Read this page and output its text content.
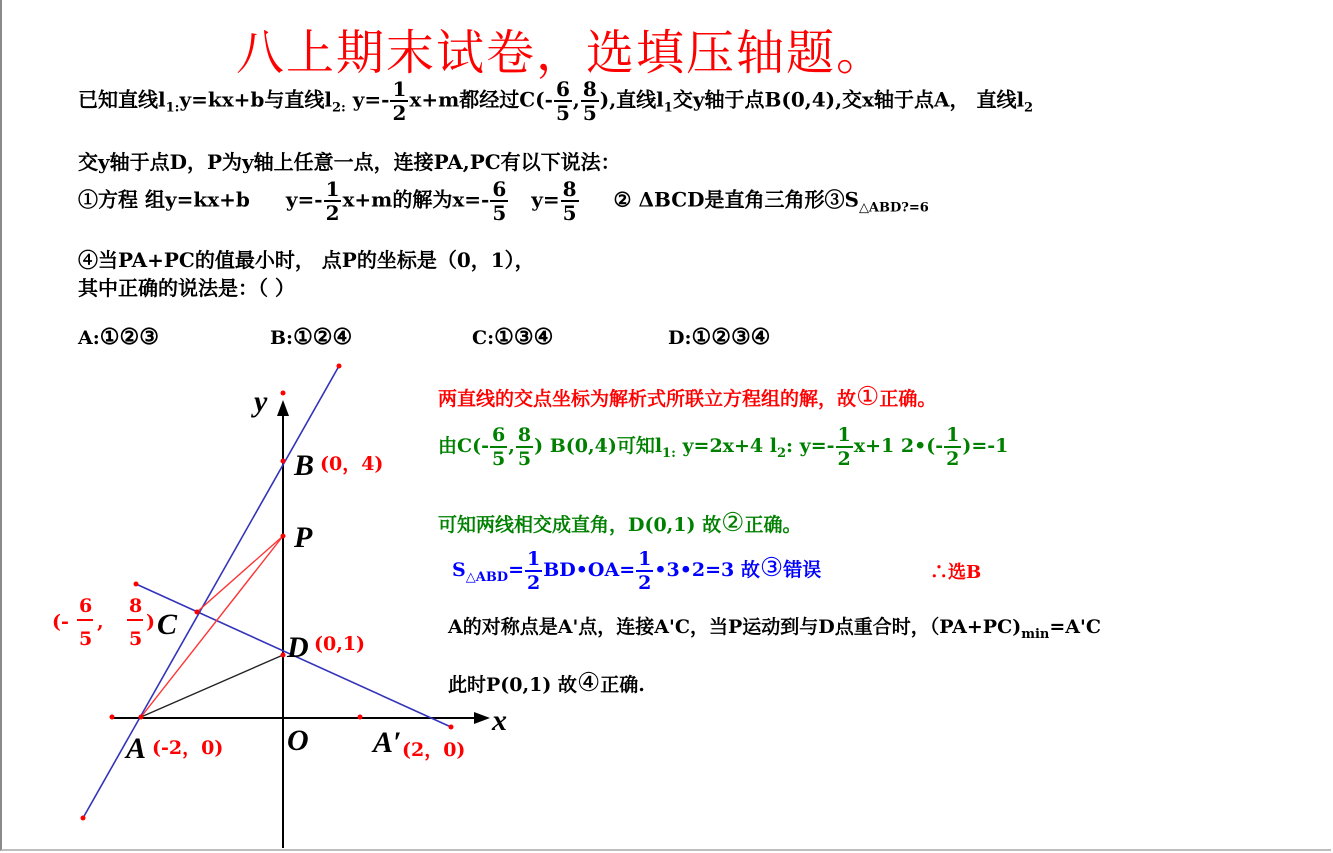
八上期末试卷，选填压轴题。
已知直线$l_{1:}y=kx+b$与直线$l_{2:}$ $y=- \frac{1}{2} x+m$都经过$C(- \frac{6}{5}$ , $\frac{8}{5}$ ),直线$l_1$交y轴于点B(0,4),交x轴于点A， 直线$l_2$
交y轴于点D，P为y轴上任意一点，连接PA,PC有以下说法：
①方程 组y=kx+b $y=- \frac{1}{2} x+m$的解为$x=- \frac{6}{5} y= \frac{8}{5}$ ② ΔBCD是直角三角形$③S_{\triangle ABD?=6}$
④当PA+PC的值最小时， 点P的坐标是（0，1），
其中正确的说法是：（ ）
A:①②③	B:①②④	C:①③④	D:①②③④
y
x
B (0，4)
P
C
(-
6
5
,
8
5
)
D (0,1)
A (-2，0) O A′ (2，0)
两直线的交点坐标为解析式所联立方程组的解，故①正确。
由$C(- \frac{6}{5}$ , $\frac{8}{5}$ ) B(0,4)可知$l_{1:}$ y=2x+4 $l_2$: $y=- \frac{1}{2} x+1$ 2•(- $\frac{1}{2} )=-1$
可知两线相交成直角，D(0,1) 故②正确。
$S_{\triangle ABD}= \frac{1}{2}$ BD•OA= $\frac{1}{2}$ •3•2=3 故③错误	∴选B
A的对称点是A'点，连接A'C，当P运动到与D点重合时，$(PA+PC)_{min}=A'C$
此时P(0,1) 故④正确.
